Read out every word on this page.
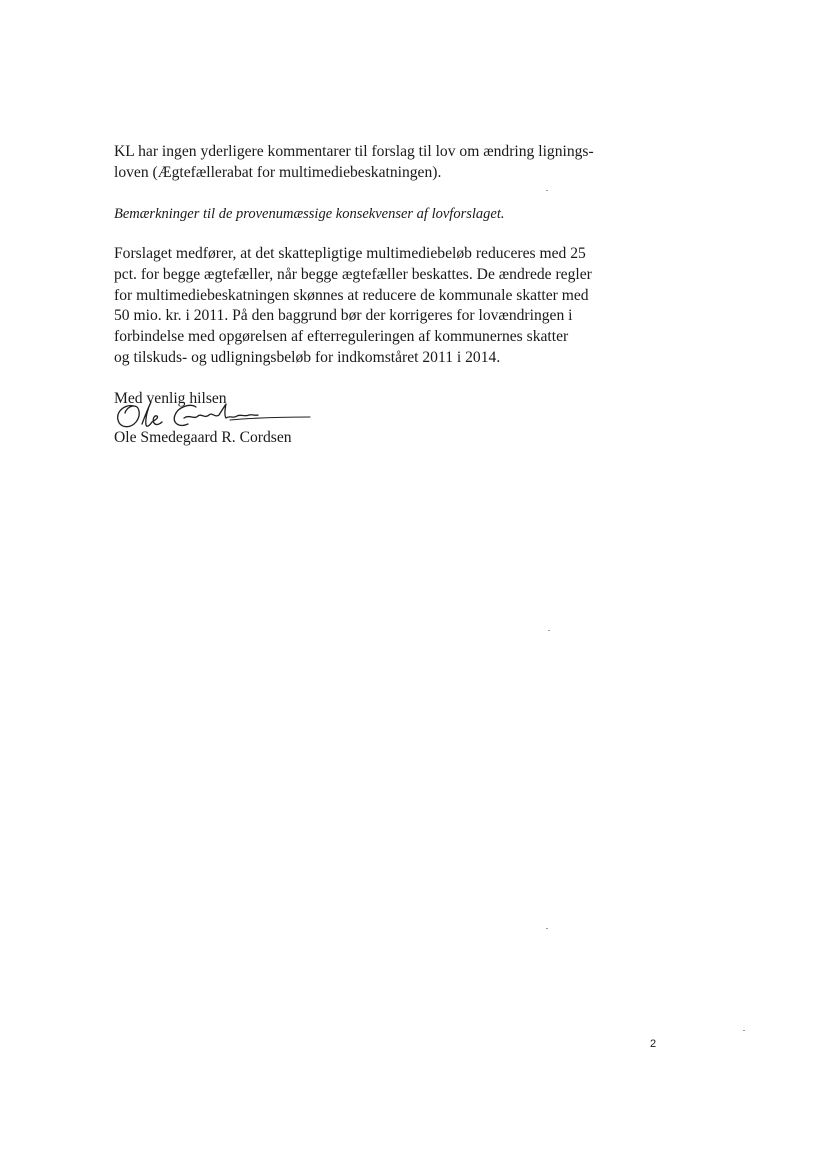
KL har ingen yderligere kommentarer til forslag til lov om ændring lignings-
loven (Ægtefællerabat for multimediebeskatningen).
Bemærkninger til de provenumæssige konsekvenser af lovforslaget.
Forslaget medfører, at det skattepligtige multimediebeløb reduceres med 25
pct. for begge ægtefæller, når begge ægtefæller beskattes. De ændrede regler
for multimediebeskatningen skønnes at reducere de kommunale skatter med
50 mio. kr. i 2011. På den baggrund bør der korrigeres for lovændringen i
forbindelse med opgørelsen af efterreguleringen af kommunernes skatter
og tilskuds- og udligningsbeløb for indkomståret 2011 i 2014.
Med venlig hilsen
Ole Smedegaard R. Cordsen
2
